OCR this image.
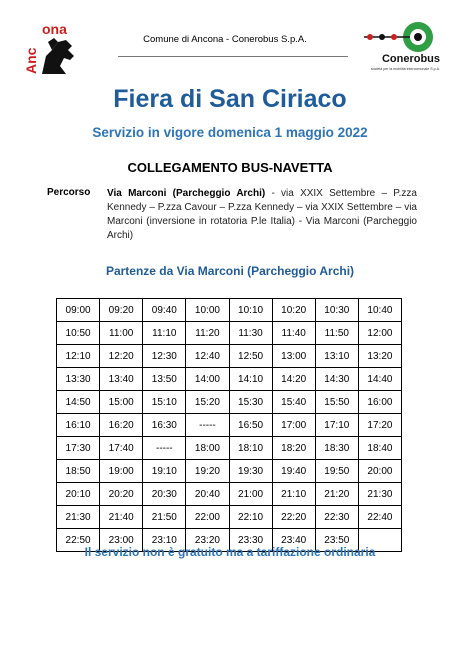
ona
Anc
Comune di Ancona - Conerobus S.p.A.
Conerobus
società per la mobilità intercomunale S.p.A.
Fiera di San Ciriaco
Servizio in vigore domenica 1 maggio 2022
COLLEGAMENTO BUS-NAVETTA
Percorso Via Marconi (Parcheggio Archi) - via XXIX Settembre – P.zza Kennedy – P.zza Cavour – P.zza Kennedy – via XXIX Settembre – via Marconi (inversione in rotatoria P.le Italia) - Via Marconi (Parcheggio Archi)
Partenze da Via Marconi (Parcheggio Archi)
09:00	09:20	09:40	10:00	10:10	10:20	10:30	10:40
10:50	11:00	11:10	11:20	11:30	11:40	11:50	12:00
12:10	12:20	12:30	12:40	12:50	13:00	13:10	13:20
13:30	13:40	13:50	14:00	14:10	14:20	14:30	14:40
14:50	15:00	15:10	15:20	15:30	15:40	15:50	16:00
16:10	16:20	16:30	-----	16:50	17:00	17:10	17:20
17:30	17:40	-----	18:00	18:10	18:20	18:30	18:40
18:50	19:00	19:10	19:20	19:30	19:40	19:50	20:00
20:10	20:20	20:30	20:40	21:00	21:10	21:20	21:30
21:30	21:40	21:50	22:00	22:10	22:20	22:30	22:40
22:50	23:00	23:10	23:20	23:30	23:40	23:50	
Il servizio non è gratuito ma a tariffazione ordinaria
